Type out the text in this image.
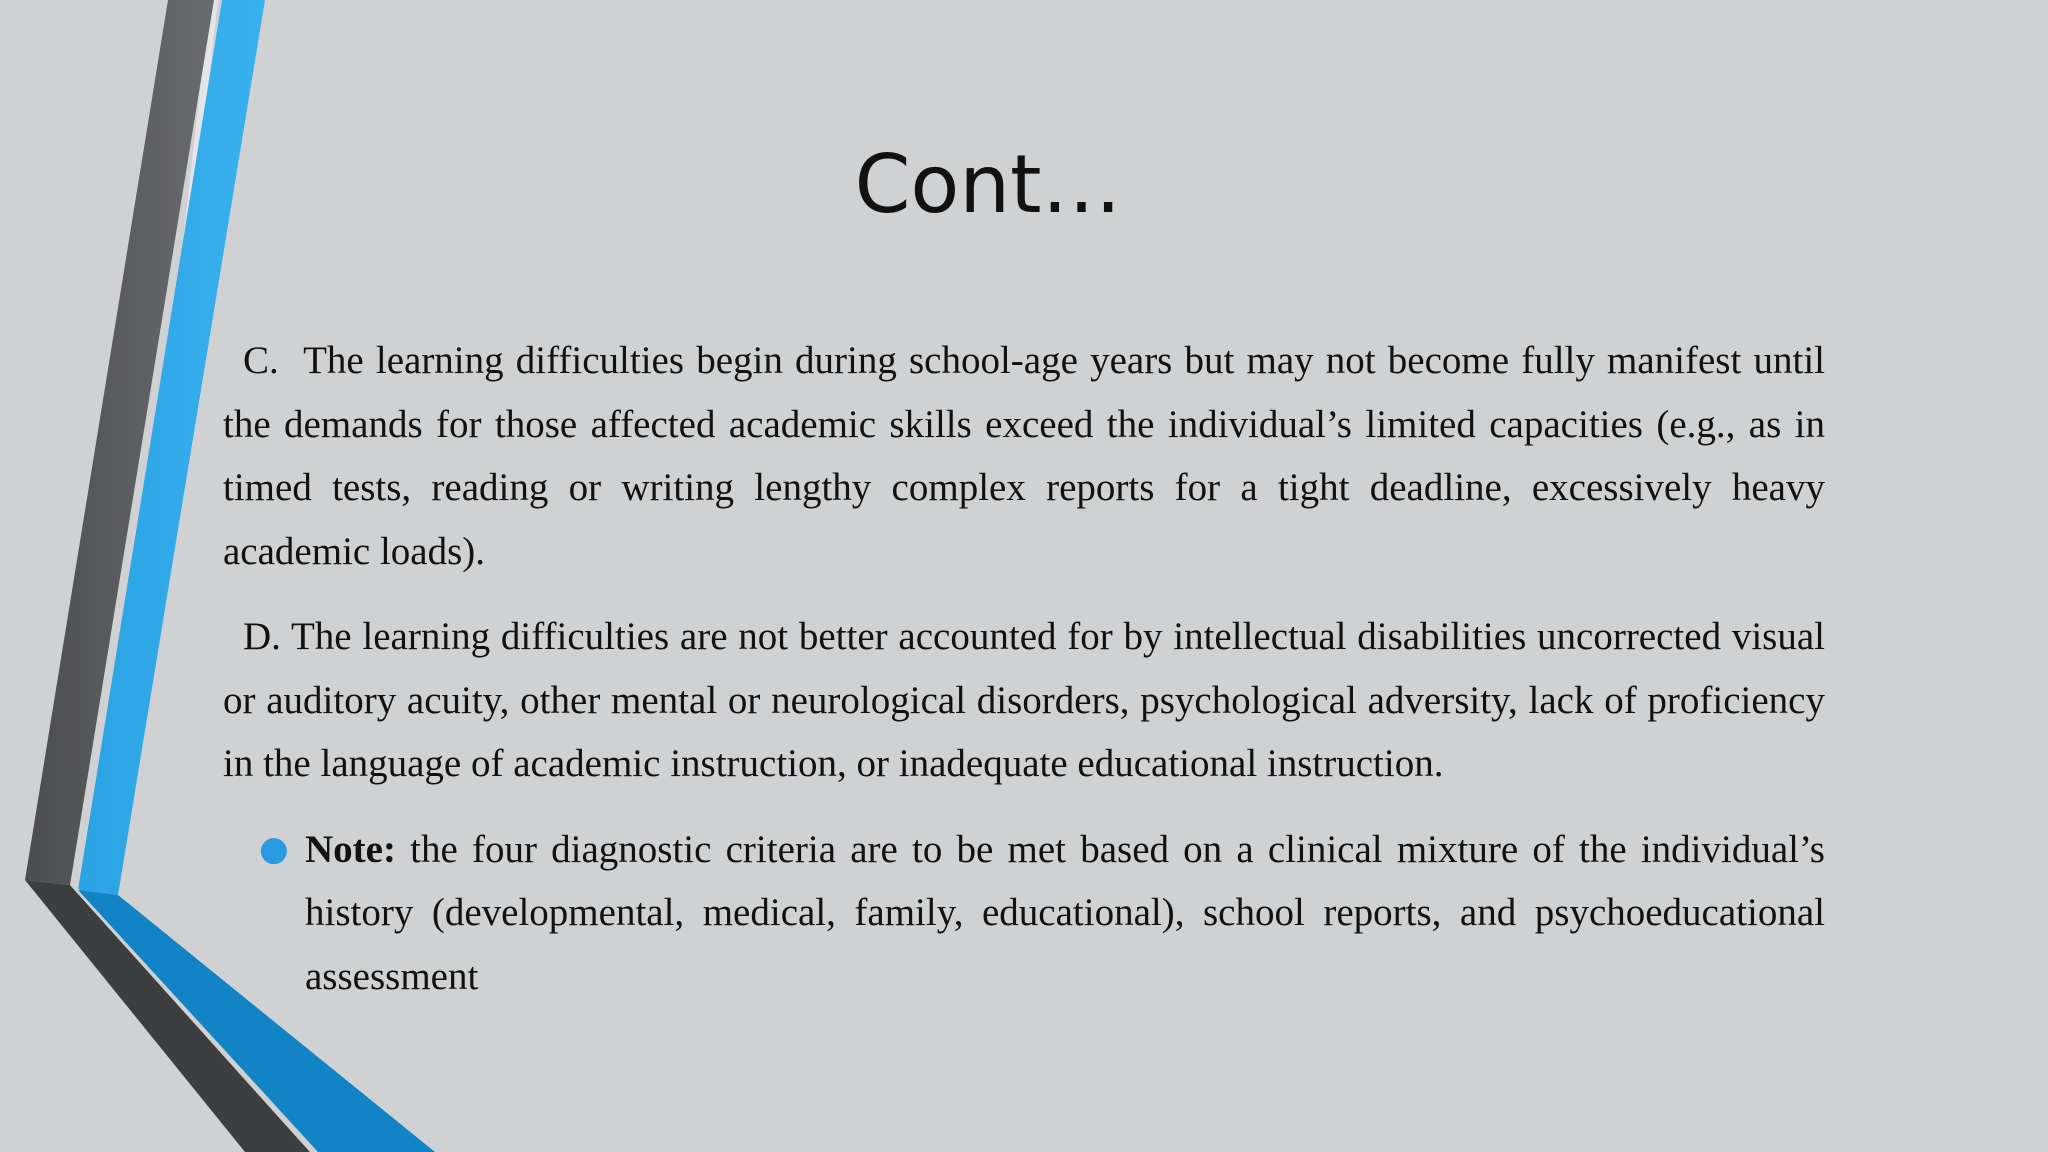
Cont…

C. The learning difficulties begin during school-age years but may not become fully manifest until the demands for those affected academic skills exceed the individual’s limited capacities (e.g., as in timed tests, reading or writing lengthy complex reports for a tight deadline, excessively heavy academic loads).

D. The learning difficulties are not better accounted for by intellectual disabilities uncorrected visual or auditory acuity, other mental or neurological disorders, psychological adversity, lack of proficiency in the language of academic instruction, or inadequate educational instruction.

● Note: the four diagnostic criteria are to be met based on a clinical mixture of the individual’s history (developmental, medical, family, educational), school reports, and psychoeducational assessment
